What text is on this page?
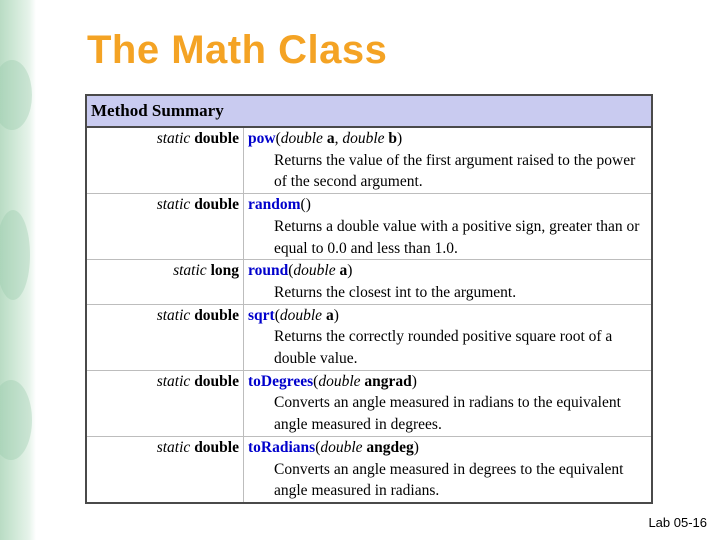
The Math Class
Method Summary	
static double	pow(double a, double b)
Returns the value of the first argument raised to the power of the second argument.

static double	random()
Returns a double value with a positive sign, greater than or equal to 0.0 and less than 1.0.

static long	round(double a)
Returns the closest int to the argument.

static double	sqrt(double a)
Returns the correctly rounded positive square root of a double value.

static double	toDegrees(double angrad)
Converts an angle measured in radians to the equivalent angle measured in degrees.

static double	toRadians(double angdeg)
Converts an angle measured in degrees to the equivalent angle measured in radians.
Lab 05-16
